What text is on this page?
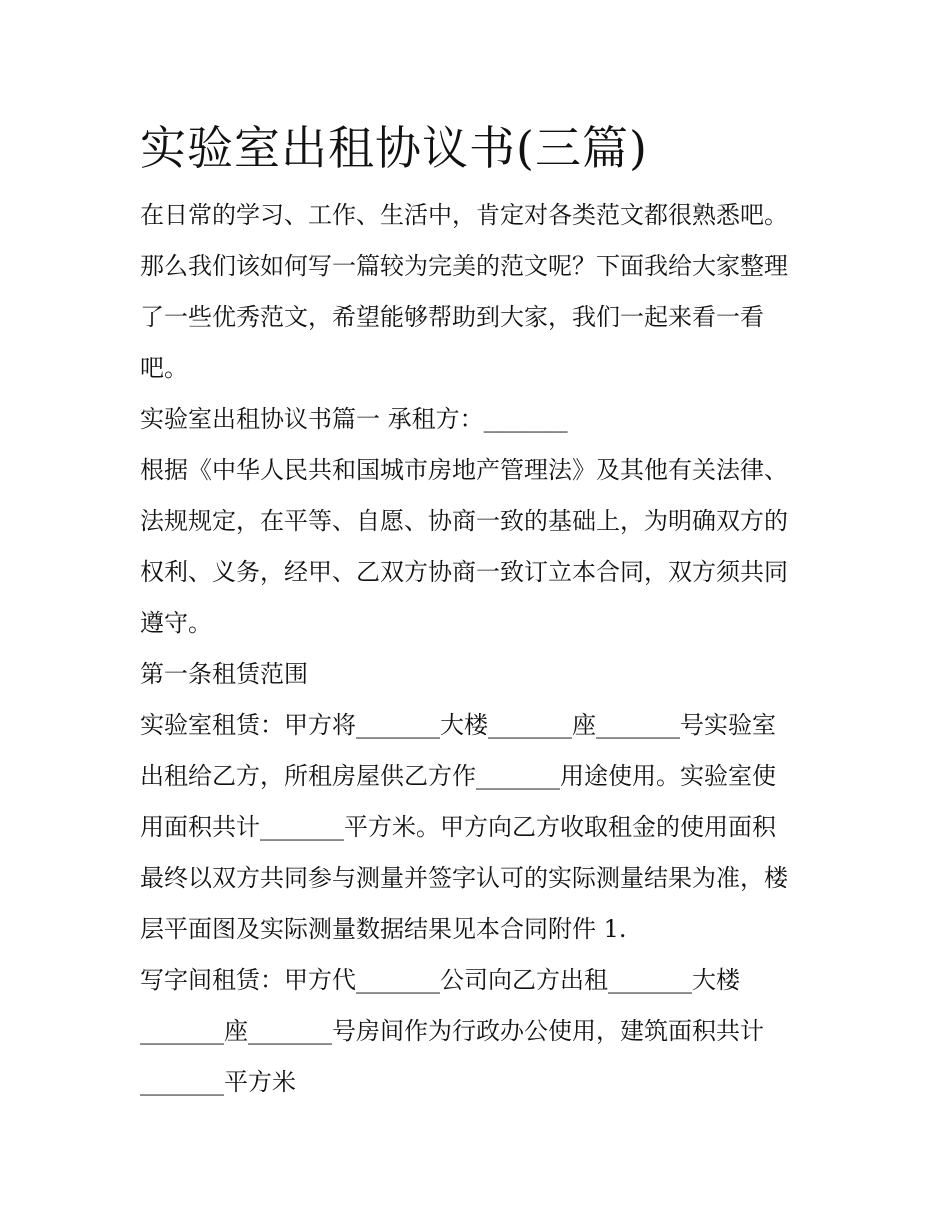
实验室出租协议书(三篇)

在日常的学习、工作、生活中，肯定对各类范文都很熟悉吧。

那么我们该如何写一篇较为完美的范文呢？下面我给大家整理

了一些优秀范文，希望能够帮助到大家，我们一起来看一看

吧。

实验室出租协议书篇一 承租方：_______

根据《中华人民共和国城市房地产管理法》及其他有关法律、

法规规定，在平等、自愿、协商一致的基础上，为明确双方的

权利、义务，经甲、乙双方协商一致订立本合同，双方须共同

遵守。

第一条租赁范围

实验室租赁：甲方将_______大楼_______座_______号实验室

出租给乙方，所租房屋供乙方作_______用途使用。实验室使

用面积共计_______平方米。甲方向乙方收取租金的使用面积

最终以双方共同参与测量并签字认可的实际测量结果为准，楼

层平面图及实际测量数据结果见本合同附件 1.

写字间租赁：甲方代_______公司向乙方出租_______大楼

_______座_______号房间作为行政办公使用，建筑面积共计

_______平方米
